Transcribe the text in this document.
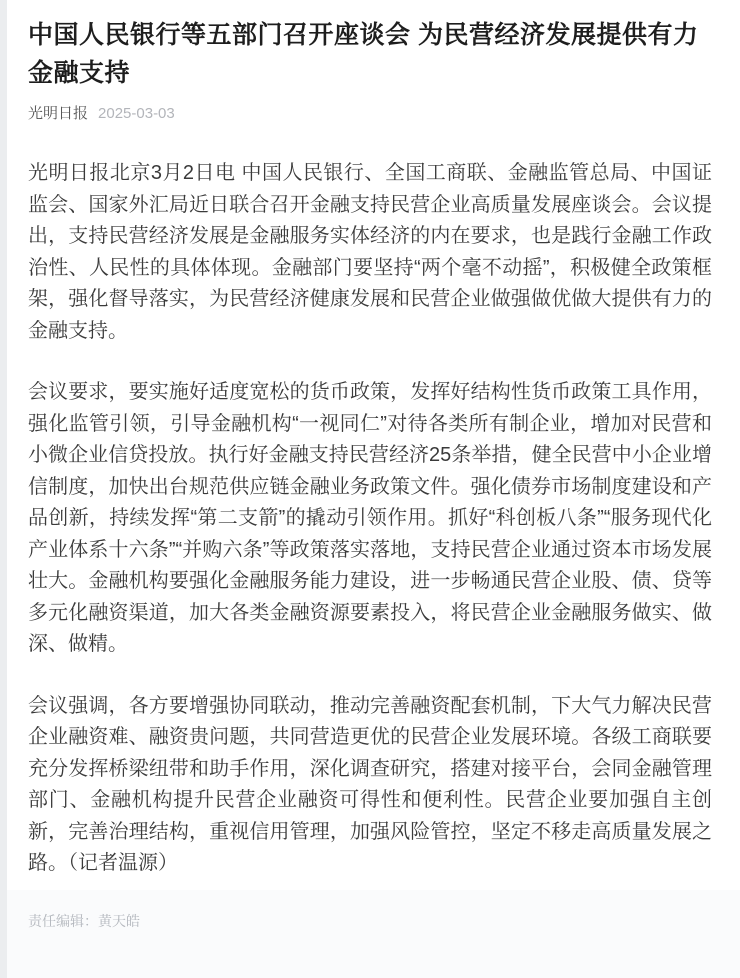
中国人民银行等五部门召开座谈会 为民营经济发展提供有力金融支持
光明日报 2025-03-03

光明日报北京3月2日电 中国人民银行、全国工商联、金融监管总局、中国证监会、国家外汇局近日联合召开金融支持民营企业高质量发展座谈会。会议提出，支持民营经济发展是金融服务实体经济的内在要求，也是践行金融工作政治性、人民性的具体体现。金融部门要坚持“两个毫不动摇”，积极健全政策框架，强化督导落实，为民营经济健康发展和民营企业做强做优做大提供有力的金融支持。

会议要求，要实施好适度宽松的货币政策，发挥好结构性货币政策工具作用，强化监管引领，引导金融机构“一视同仁”对待各类所有制企业，增加对民营和小微企业信贷投放。执行好金融支持民营经济25条举措，健全民营中小企业增信制度，加快出台规范供应链金融业务政策文件。强化债券市场制度建设和产品创新，持续发挥“第二支箭”的撬动引领作用。抓好“科创板八条”“服务现代化产业体系十六条”“并购六条”等政策落实落地，支持民营企业通过资本市场发展壮大。金融机构要强化金融服务能力建设，进一步畅通民营企业股、债、贷等多元化融资渠道，加大各类金融资源要素投入，将民营企业金融服务做实、做深、做精。

会议强调，各方要增强协同联动，推动完善融资配套机制，下大气力解决民营企业融资难、融资贵问题，共同营造更优的民营企业发展环境。各级工商联要充分发挥桥梁纽带和助手作用，深化调查研究，搭建对接平台，会同金融管理部门、金融机构提升民营企业融资可得性和便利性。民营企业要加强自主创新，完善治理结构，重视信用管理，加强风险管控，坚定不移走高质量发展之路。（记者温源）

责任编辑：黄天皓
